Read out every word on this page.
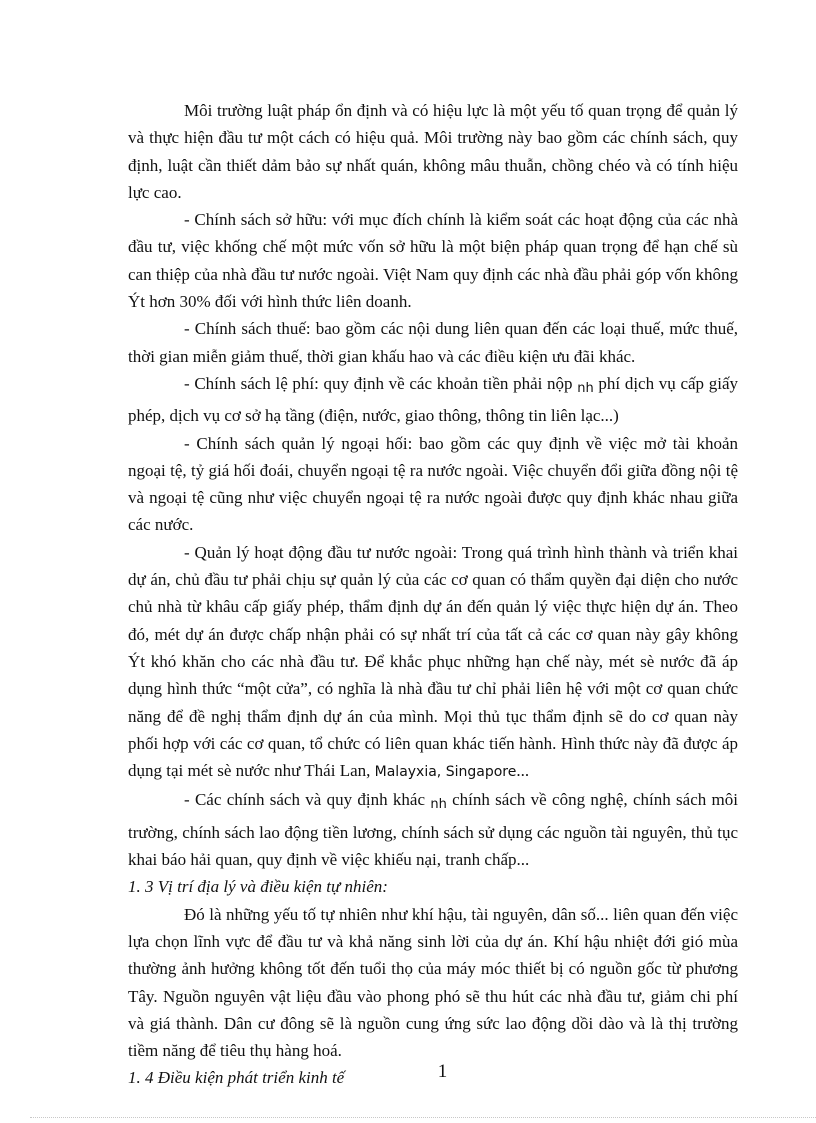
Môi trường luật pháp ổn định và có hiệu lực là một yếu tố quan trọng để quản lý và thực hiện đầu tư một cách có hiệu quả. Môi trường này bao gồm các chính sách, quy định, luật cần thiết dảm bảo sự nhất quán, không mâu thuẫn, chồng chéo và có tính hiệu lực cao.

- Chính sách sở hữu: với mục đích chính là kiểm soát các hoạt động của các nhà đầu tư, việc khống chế một mức vốn sở hữu là một biện pháp quan trọng để hạn chế sù can thiệp của nhà đầu tư nước ngoài. Việt Nam quy định các nhà đầu phải góp vốn không Ýt hơn 30% đối với hình thức liên doanh.

- Chính sách thuế: bao gồm các nội dung liên quan đến các loại thuế, mức thuế, thời gian miễn giảm thuế, thời gian khấu hao và các điều kiện ưu đãi khác.

- Chính sách lệ phí: quy định về các khoản tiền phải nộp nh phí dịch vụ cấp giấy phép, dịch vụ cơ sở hạ tầng (điện, nước, giao thông, thông tin liên lạc...)

- Chính sách quản lý ngoại hối: bao gồm các quy định về việc mở tài khoản ngoại tệ, tỷ giá hối đoái, chuyển ngoại tệ ra nước ngoài. Việc chuyển đổi giữa đồng nội tệ và ngoại tệ cũng như việc chuyển ngoại tệ ra nước ngoài được quy định khác nhau giữa các nước.

- Quản lý hoạt động đầu tư nước ngoài: Trong quá trình hình thành và triển khai dự án, chủ đầu tư phải chịu sự quản lý của các cơ quan có thẩm quyền đại diện cho nước chủ nhà từ khâu cấp giấy phép, thẩm định dự án đến quản lý việc thực hiện dự án. Theo đó, mét dự án được chấp nhận phải có sự nhất trí của tất cả các cơ quan này gây không Ýt khó khăn cho các nhà đầu tư. Để khắc phục những hạn chế này, mét sè nước đã áp dụng hình thức “một cửa”, có nghĩa là nhà đầu tư chỉ phải liên hệ với một cơ quan chức năng để đề nghị thẩm định dự án của mình. Mọi thủ tục thẩm định sẽ do cơ quan này phối hợp với các cơ quan, tổ chức có liên quan khác tiến hành. Hình thức này đã được áp dụng tại mét sè nước như Thái Lan, Malayxia, Singapore...

- Các chính sách và quy định khác nh chính sách về công nghệ, chính sách môi trường, chính sách lao động tiền lương, chính sách sử dụng các nguồn tài nguyên, thủ tục khai báo hải quan, quy định về việc khiếu nại, tranh chấp...

1. 3 Vị trí địa lý và điều kiện tự nhiên:

Đó là những yếu tố tự nhiên như khí hậu, tài nguyên, dân số... liên quan đến việc lựa chọn lĩnh vực để đầu tư và khả năng sinh lời của dự án. Khí hậu nhiệt đới gió mùa thường ảnh hưởng không tốt đến tuổi thọ của máy móc thiết bị có nguồn gốc từ phương Tây. Nguồn nguyên vật liệu đầu vào phong phó sẽ thu hút các nhà đầu tư, giảm chi phí và giá thành. Dân cư đông sẽ là nguồn cung ứng sức lao động dồi dào và là thị trường tiềm năng để tiêu thụ hàng hoá.

1. 4 Điều kiện phát triển kinh tế	1
